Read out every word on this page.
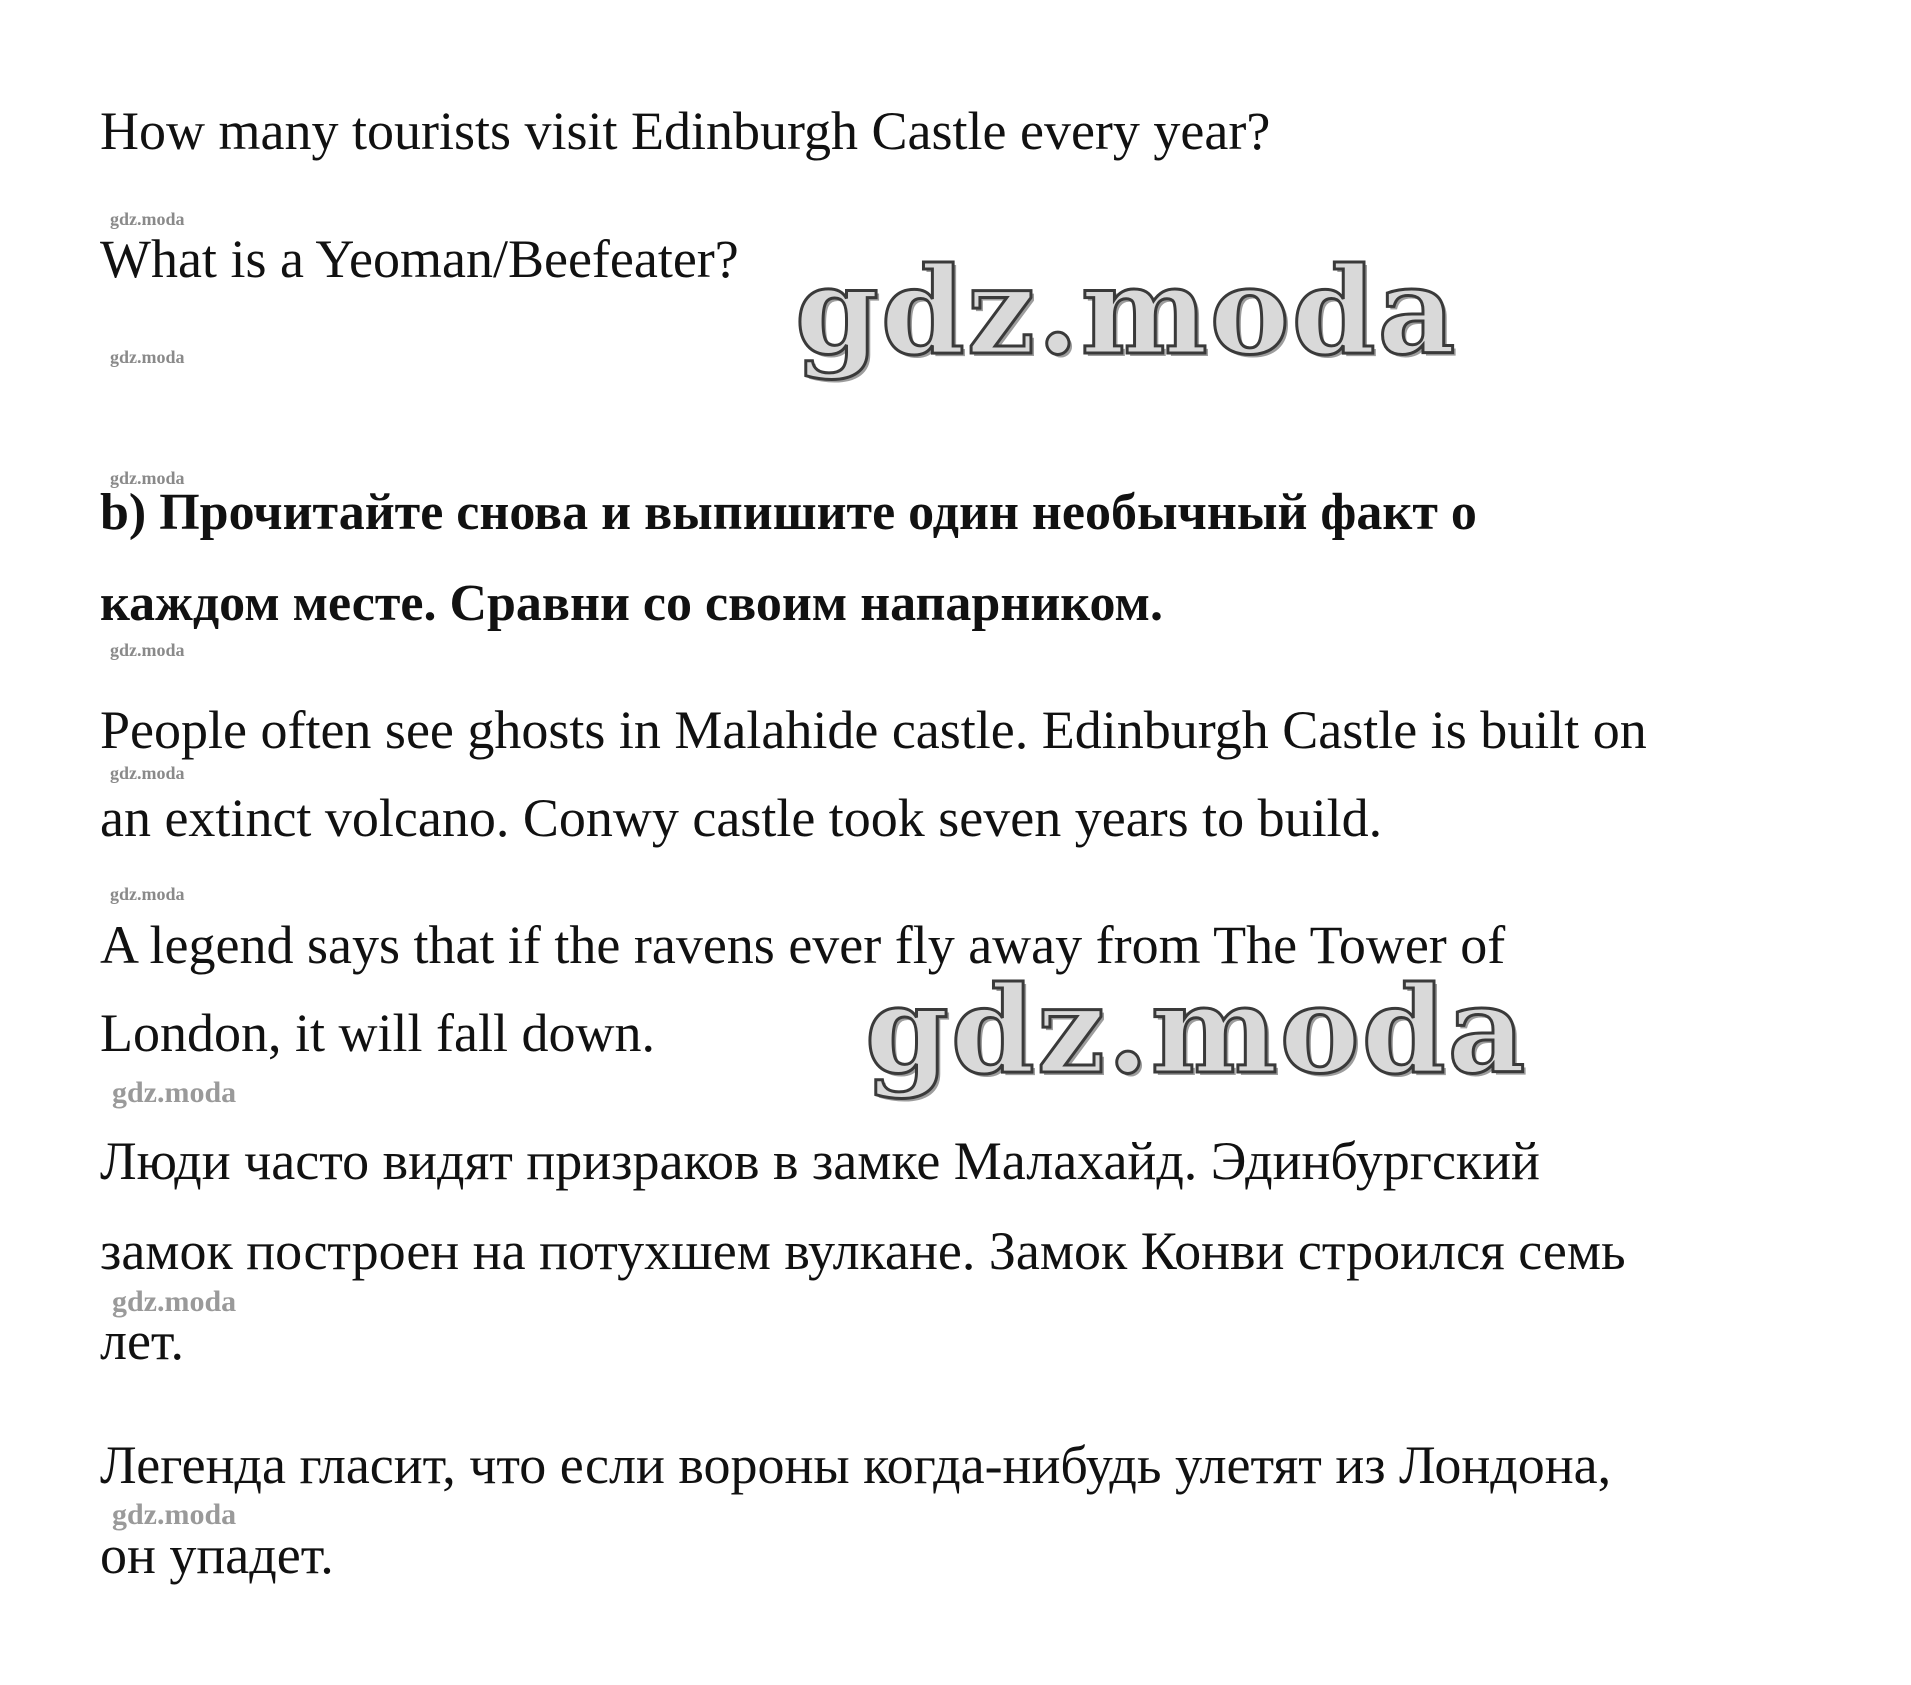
How many tourists visit Edinburgh Castle every year?

gdz.moda

What is a Yeoman/Beefeater? gdz.moda
gdz.moda
gdz.moda

b) Прочитайте снова и выпишите один необычный факт о

каждом месте. Сравни со своим напарником.

gdz.moda

People often see ghosts in Malahide castle. Edinburgh Castle is built on

gdz.moda

an extinct volcano. Conwy castle took seven years to build.

gdz.moda

A legend says that if the ravens ever fly away from The Tower of

London, it will fall down. gdz.moda
gdz.moda

Люди часто видят призраков в замке Малахайд. Эдинбургский

замок построен на потухшем вулкане. Замок Конви строился семь

gdz.moda

лет.

Легенда гласит, что если вороны когда-нибудь улетят из Лондона,

gdz.moda

он упадет.
